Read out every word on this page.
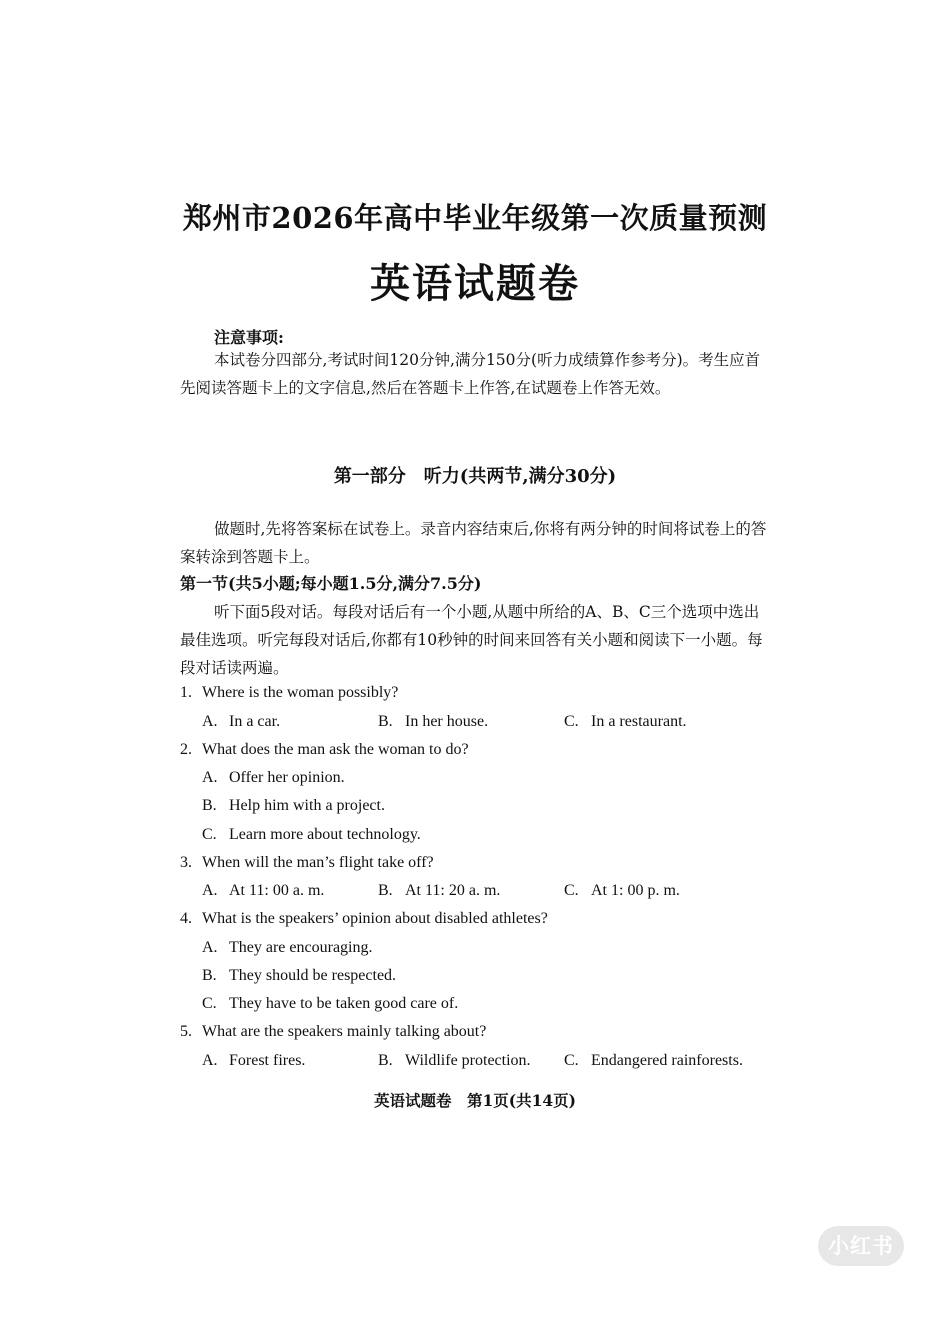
郑州市2026年高中毕业年级第一次质量预测
英语试题卷
注意事项:
本试卷分四部分,考试时间120分钟,满分150分(听力成绩算作参考分)。考生应首先阅读答题卡上的文字信息,然后在答题卡上作答,在试题卷上作答无效。
第一部分　听力(共两节,满分30分)
做题时,先将答案标在试卷上。录音内容结束后,你将有两分钟的时间将试卷上的答案转涂到答题卡上。
第一节(共5小题;每小题1.5分,满分7.5分)
听下面5段对话。每段对话后有一个小题,从题中所给的A、B、C三个选项中选出最佳选项。听完每段对话后,你都有10秒钟的时间来回答有关小题和阅读下一小题。每段对话读两遍。
1. Where is the woman possibly?
A. In a car.	B. In her house.	C. In a restaurant.
2. What does the man ask the woman to do?
A. Offer her opinion.
B. Help him with a project.
C. Learn more about technology.
3. When will the man’s flight take off?
A. At 11: 00 a. m.	B. At 11: 20 a. m.	C. At 1: 00 p. m.
4. What is the speakers’ opinion about disabled athletes?
A. They are encouraging.
B. They should be respected.
C. They have to be taken good care of.
5. What are the speakers mainly talking about?
A. Forest fires.	B. Wildlife protection. C. Endangered rainforests.
英语试题卷　第1页(共14页)
小红书
